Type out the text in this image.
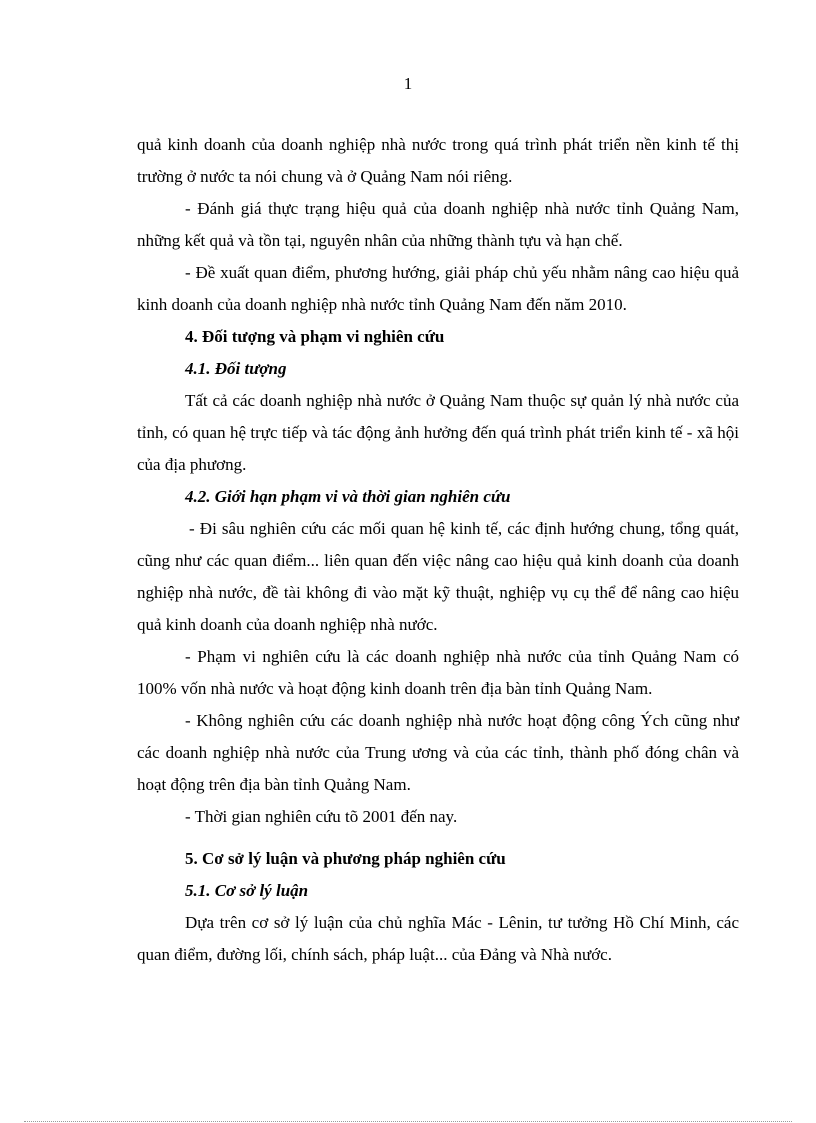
1

quả kinh doanh của doanh nghiệp nhà nước trong quá trình phát triển nền kinh tế thị trường ở nước ta nói chung và ở Quảng Nam nói riêng.

- Đánh giá thực trạng hiệu quả của doanh nghiệp nhà nước tỉnh Quảng Nam, những kết quả và tồn tại, nguyên nhân của những thành tựu và hạn chế.

- Đề xuất quan điểm, phương hướng, giải pháp chủ yếu nhằm nâng cao hiệu quả kinh doanh của doanh nghiệp nhà nước tỉnh Quảng Nam đến năm 2010.

4. Đối tượng và phạm vi nghiên cứu

4.1. Đối tượng

Tất cả các doanh nghiệp nhà nước ở Quảng Nam thuộc sự quản lý nhà nước của tỉnh, có quan hệ trực tiếp và tác động ảnh hưởng đến quá trình phát triển kinh tế - xã hội của địa phương.

4.2. Giới hạn phạm vi và thời gian nghiên cứu

- Đi sâu nghiên cứu các mối quan hệ kinh tế, các định hướng chung, tổng quát, cũng như các quan điểm... liên quan đến việc nâng cao hiệu quả kinh doanh của doanh nghiệp nhà nước, đề tài không đi vào mặt kỹ thuật, nghiệp vụ cụ thể để nâng cao hiệu quả kinh doanh của doanh nghiệp nhà nước.

- Phạm vi nghiên cứu là các doanh nghiệp nhà nước của tỉnh Quảng Nam có 100% vốn nhà nước và hoạt động kinh doanh trên địa bàn tỉnh Quảng Nam.

- Không nghiên cứu các doanh nghiệp nhà nước hoạt động công Ých cũng như các doanh nghiệp nhà nước của Trung ương và của các tỉnh, thành phố đóng chân và hoạt động trên địa bàn tỉnh Quảng Nam.

- Thời gian nghiên cứu tõ 2001 đến nay.

5. Cơ sở lý luận và phương pháp nghiên cứu

5.1. Cơ sở lý luận

Dựa trên cơ sở lý luận của chủ nghĩa Mác - Lênin, tư tưởng Hồ Chí Minh, các quan điểm, đường lối, chính sách, pháp luật... của Đảng và Nhà nước.
